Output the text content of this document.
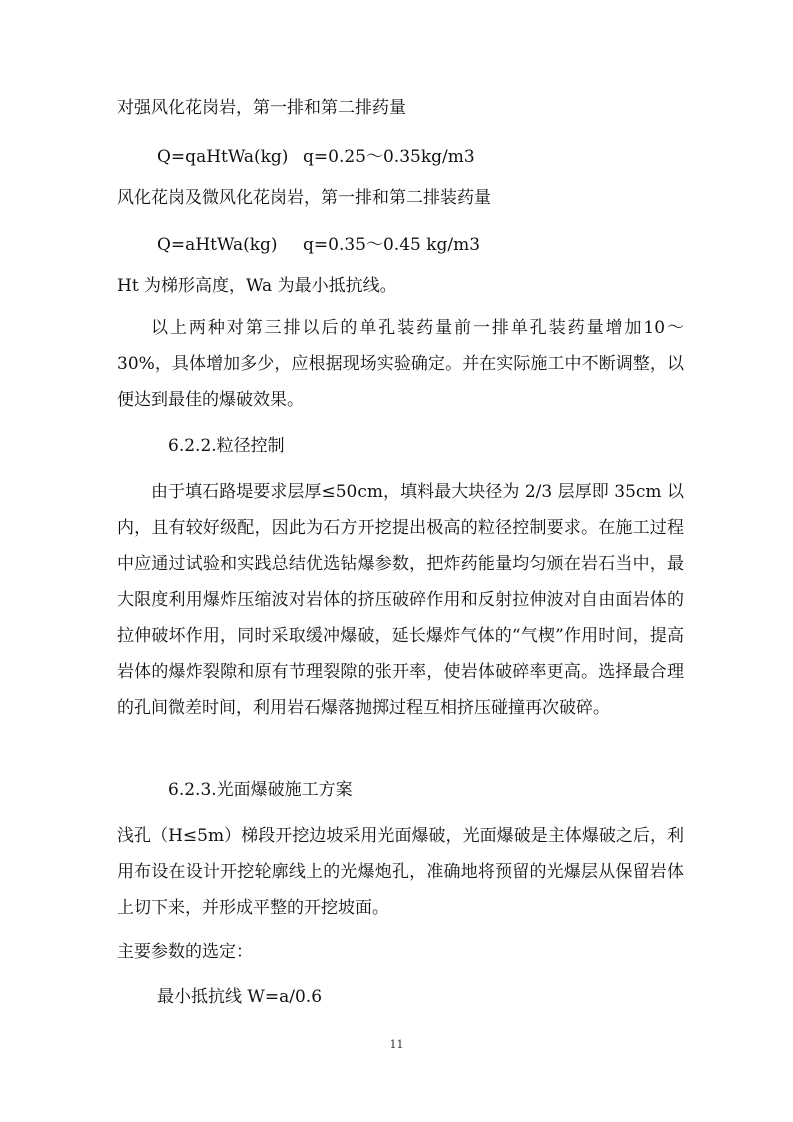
对强风化花岗岩，第一排和第二排药量
Q=qaHtWa(kg) q=0.25～0.35kg/m3
风化花岗及微风化花岗岩，第一排和第二排装药量
Q=aHtWa(kg) q=0.35～0.45 kg/m3
Ht 为梯形高度，Wa 为最小抵抗线。
以上两种对第三排以后的单孔装药量前一排单孔装药量增加10～30%，具体增加多少，应根据现场实验确定。并在实际施工中不断调整，以便达到最佳的爆破效果。
6.2.2.粒径控制
由于填石路堤要求层厚≤50cm，填料最大块径为 2/3 层厚即 35cm 以内，且有较好级配，因此为石方开挖提出极高的粒径控制要求。在施工过程中应通过试验和实践总结优选钻爆参数，把炸药能量均匀颁在岩石当中，最大限度利用爆炸压缩波对岩体的挤压破碎作用和反射拉伸波对自由面岩体的拉伸破坏作用，同时采取缓冲爆破，延长爆炸气体的“气楔”作用时间，提高岩体的爆炸裂隙和原有节理裂隙的张开率，使岩体破碎率更高。选择最合理的孔间微差时间，利用岩石爆落抛掷过程互相挤压碰撞再次破碎。
6.2.3.光面爆破施工方案
浅孔（H≤5m）梯段开挖边坡采用光面爆破，光面爆破是主体爆破之后，利用布设在设计开挖轮廓线上的光爆炮孔，准确地将预留的光爆层从保留岩体上切下来，并形成平整的开挖坡面。
主要参数的选定：
最小抵抗线 W=a/0.6
11
